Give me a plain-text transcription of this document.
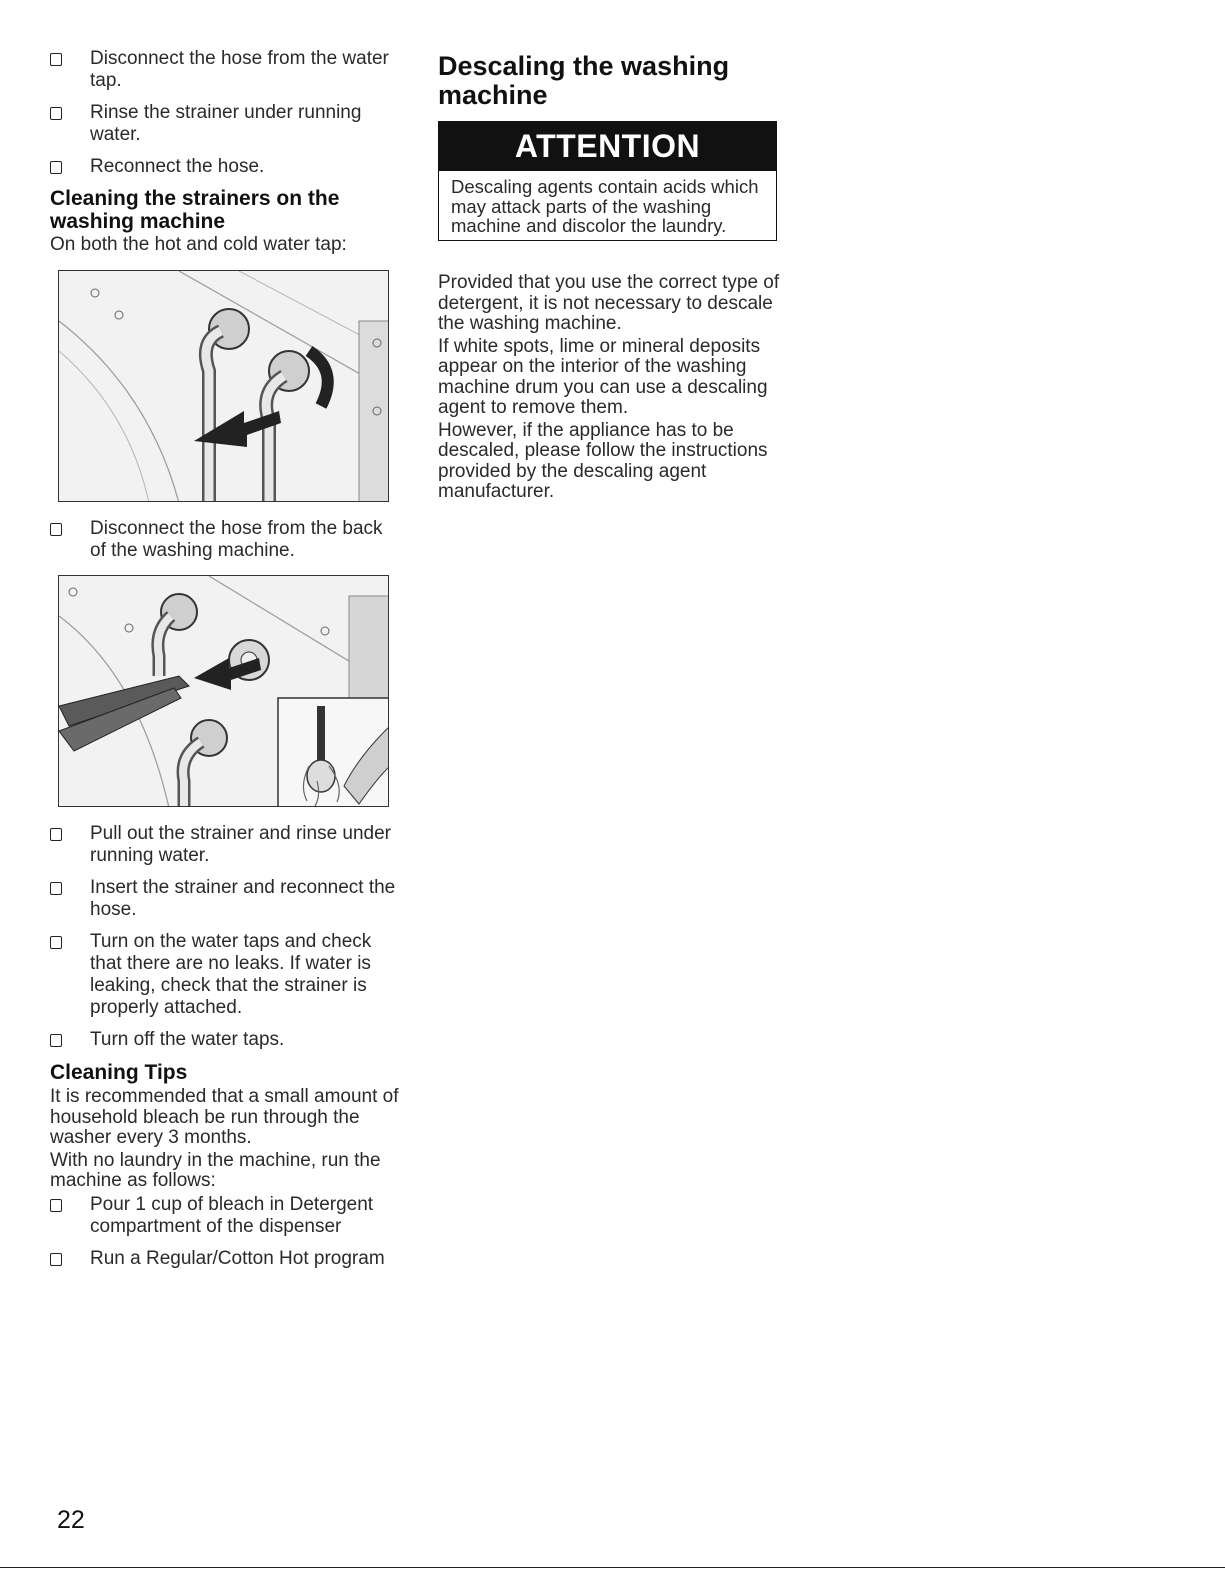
Disconnect the hose from the water tap.
Rinse the strainer under running water.
Reconnect the hose.
Cleaning the strainers on the washing machine

On both the hot and cold water tap:

Disconnect the hose from the back of the washing machine.
Pull out the strainer and rinse under running water.
Insert the strainer and reconnect the hose.
Turn on the water taps and check that there are no leaks. If water is leaking, check that the strainer is properly attached.
Turn off the water taps.
Cleaning Tips

It is recommended that a small amount of household bleach be run through the washer every 3 months.

With no laundry in the machine, run the machine as follows:

Pour 1 cup of bleach in Detergent compartment of the dispenser
Run a Regular/Cotton Hot program
Descaling the washing machine
ATTENTION
Descaling agents contain acids which may attack parts of the washing machine and discolor the laundry.

Provided that you use the correct type of detergent, it is not necessary to descale the washing machine.

If white spots, lime or mineral deposits appear on the interior of the washing machine drum you can use a descaling agent to remove them.

However, if the appliance has to be descaled, please follow the instructions provided by the descaling agent manufacturer.

22
